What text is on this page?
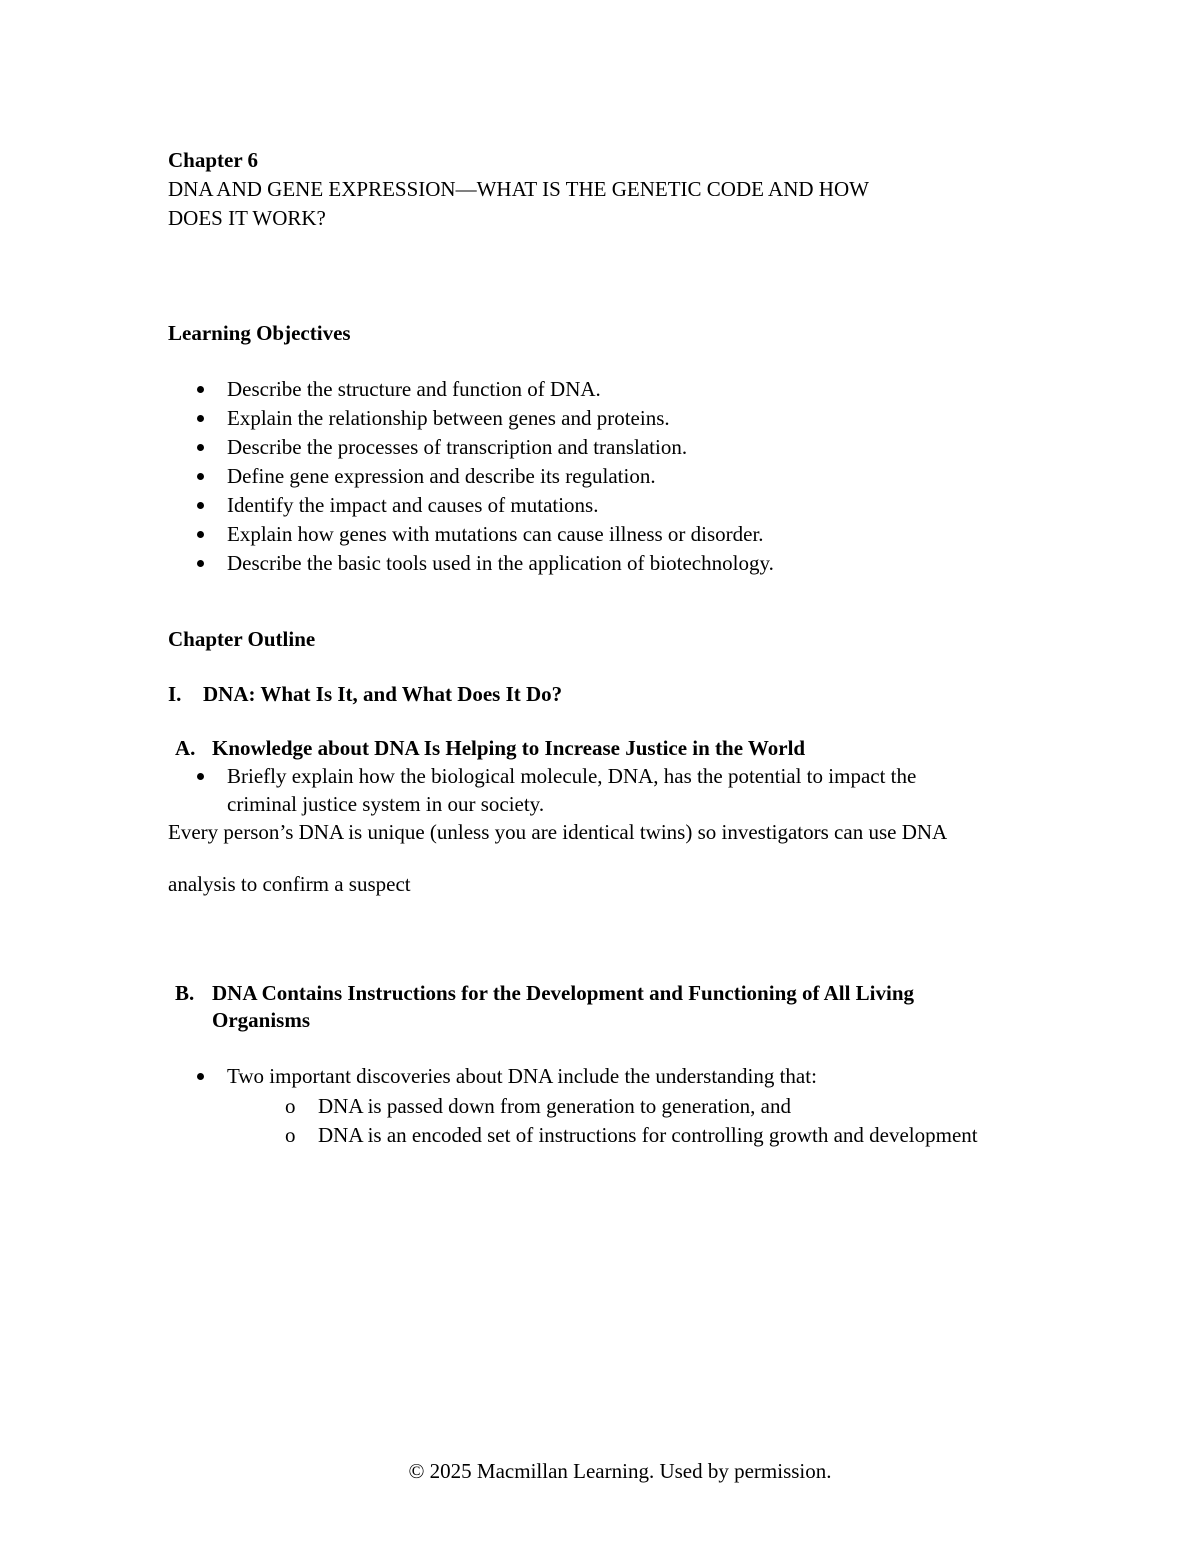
Chapter 6
DNA AND GENE EXPRESSION—WHAT IS THE GENETIC CODE AND HOW
DOES IT WORK?
Learning Objectives
Describe the structure and function of DNA.
Explain the relationship between genes and proteins.
Describe the processes of transcription and translation.
Define gene expression and describe its regulation.
Identify the impact and causes of mutations.
Explain how genes with mutations can cause illness or disorder.
Describe the basic tools used in the application of biotechnology.
Chapter Outline
I. DNA: What Is It, and What Does It Do?
A. Knowledge about DNA Is Helping to Increase Justice in the World
Briefly explain how the biological molecule, DNA, has the potential to impact the
criminal justice system in our society.
Every person’s DNA is unique (unless you are identical twins) so investigators can use DNA
analysis to confirm a suspect
B. DNA Contains Instructions for the Development and Functioning of All Living
Organisms
Two important discoveries about DNA include the understanding that:
o DNA is passed down from generation to generation, and
o DNA is an encoded set of instructions for controlling growth and development
© 2025 Macmillan Learning. Used by permission.
